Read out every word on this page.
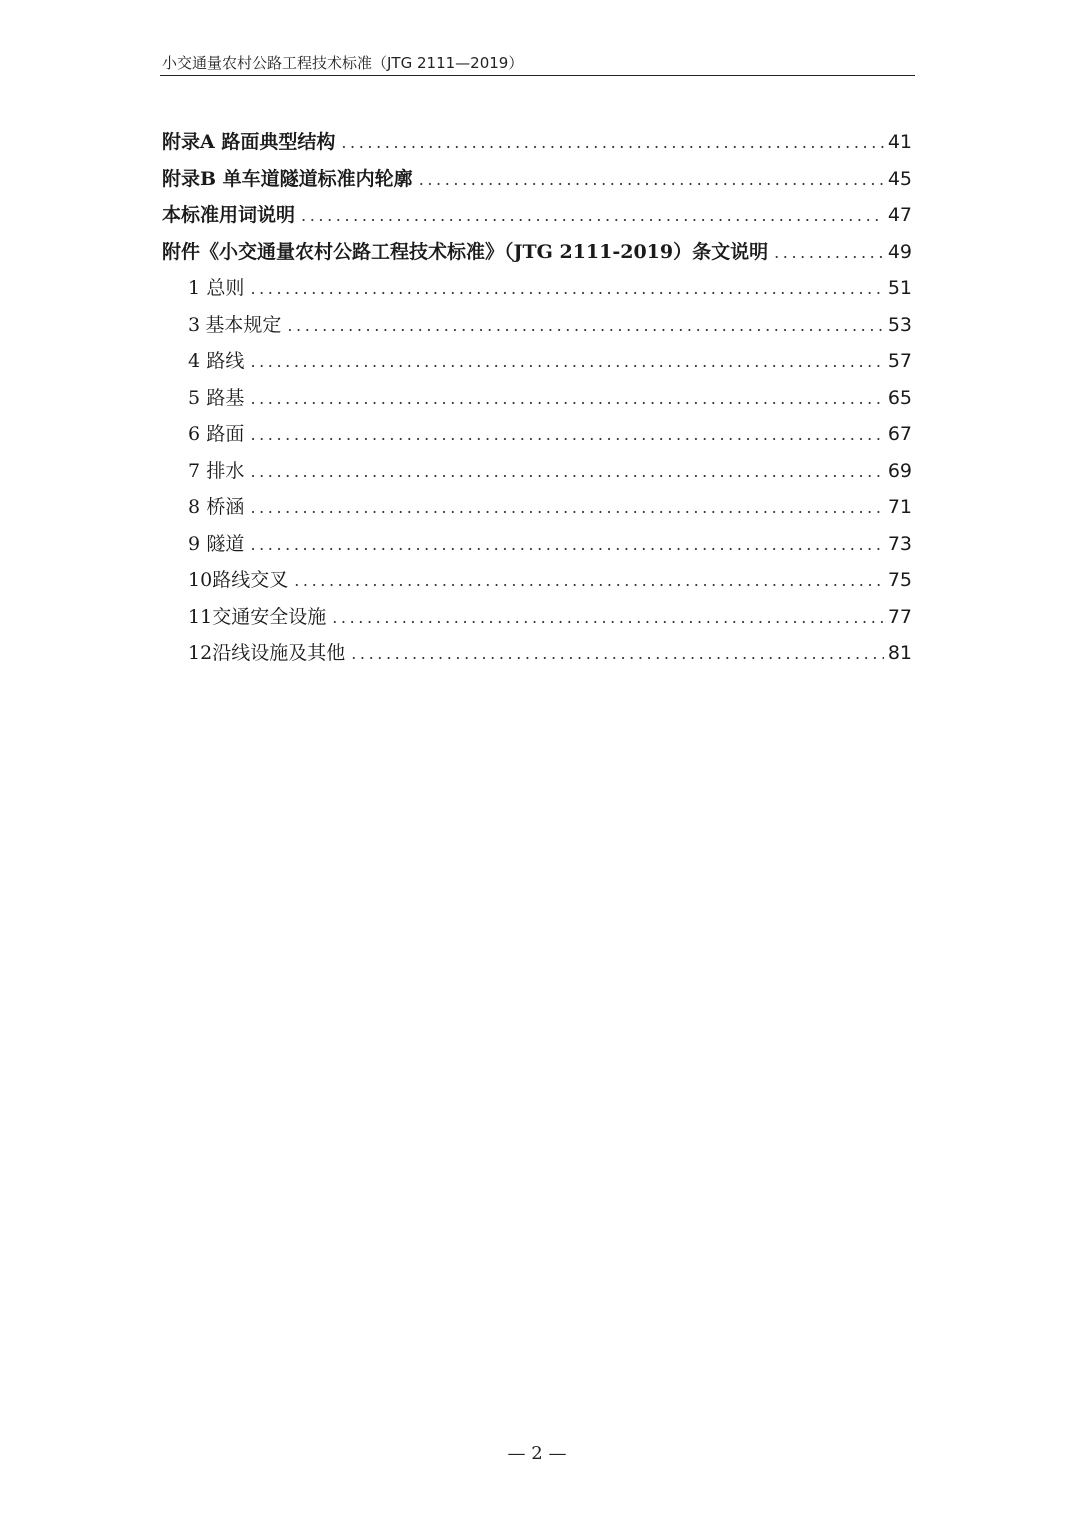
小交通量农村公路工程技术标准（JTG 2111—2019）
附录A 路面典型结构 .....	41
附录B 单车道隧道标准内轮廓 .....	45
本标准用词说明 .....	47
附件《小交通量农村公路工程技术标准》（JTG 2111-2019）条文说明 .....	49
1 总则 .....	51
3 基本规定 .....	53
4 路线 .....	57
5 路基 .....	65
6 路面 .....	67
7 排水 .....	69
8 桥涵 .....	71
9 隧道 .....	73
10 路线交叉 .....	75
11 交通安全设施 .....	77
12 沿线设施及其他 .....	81
— 2 —
